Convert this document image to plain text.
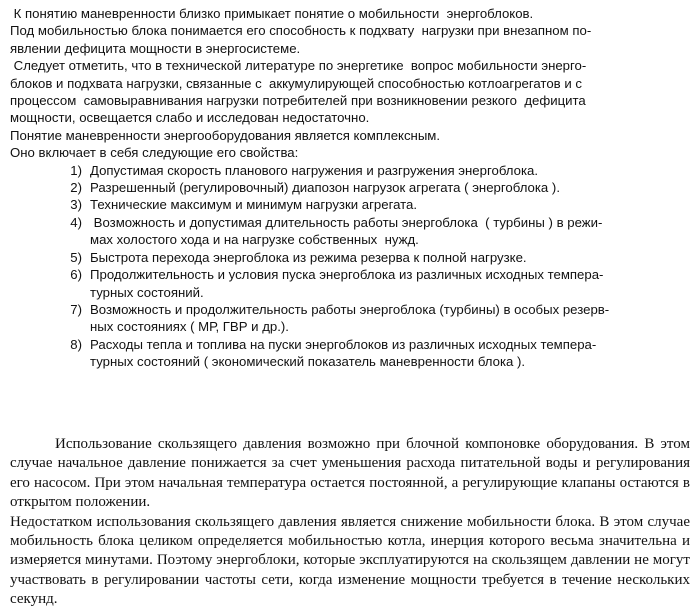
К понятию маневренности близко примыкает понятие о мобильности  энергоблоков.

Под мобильностью блока понимается его способность к подхвату  нагрузки при внезапном по-
явлении дефицита мощности в энергосистеме.

Следует отметить, что в технической литературе по энергетике  вопрос мобильности энерго-
блоков и подхвата нагрузки, связанные с  аккумулирующей способностью котлоагрегатов и с
процессом  самовыравнивания нагрузки потребителей при возникновении резкого  дефицита
мощности, освещается слабо и исследован недостаточно.

Понятие маневренности энергооборудования является комплексным.

Оно включает в себя следующие его свойства:

1) Допустимая скорость планового нагружения и разгружения энергоблока.
2) Разрешенный (регулировочный) диапозон нагрузок агрегата ( энергоблока ).
3) Технические максимум и минимум нагрузки агрегата.
4) Возможность и допустимая длительность работы энергоблока  ( турбины ) в режи-
мах холостого хода и на нагрузке собственных  нужд.
5) Быстрота перехода энергоблока из режима резерва к полной нагрузке.
6) Продолжительность и условия пуска энергоблока из различных исходных темпера-
турных состояний.
7) Возможность и продолжительность работы энергоблока (турбины) в особых резерв-
ных состояниях ( МР, ГВР и др.).
8) Расходы тепла и топлива на пуски энергоблоков из различных исходных темпера-
турных состояний ( экономический показатель маневренности блока ).

Использование скользящего давления возможно при блочной компоновке оборудования. В этом случае начальное давление понижается за счет уменьшения расхода питательной воды и регулирования его насосом. При этом начальная температура остается постоянной, а регулирующие клапаны остаются в открытом положении.

Недостатком использования скользящего давления является снижение мобильности блока. В этом случае мобильность блока целиком определяется мобильностью котла, инерция которого весьма значительна и измеряется минутами. Поэтому энергоблоки, которые эксплуатируются на скользящем давлении не могут участвовать в регулировании частоты сети, когда изменение мощности требуется в течение нескольких секунд.
